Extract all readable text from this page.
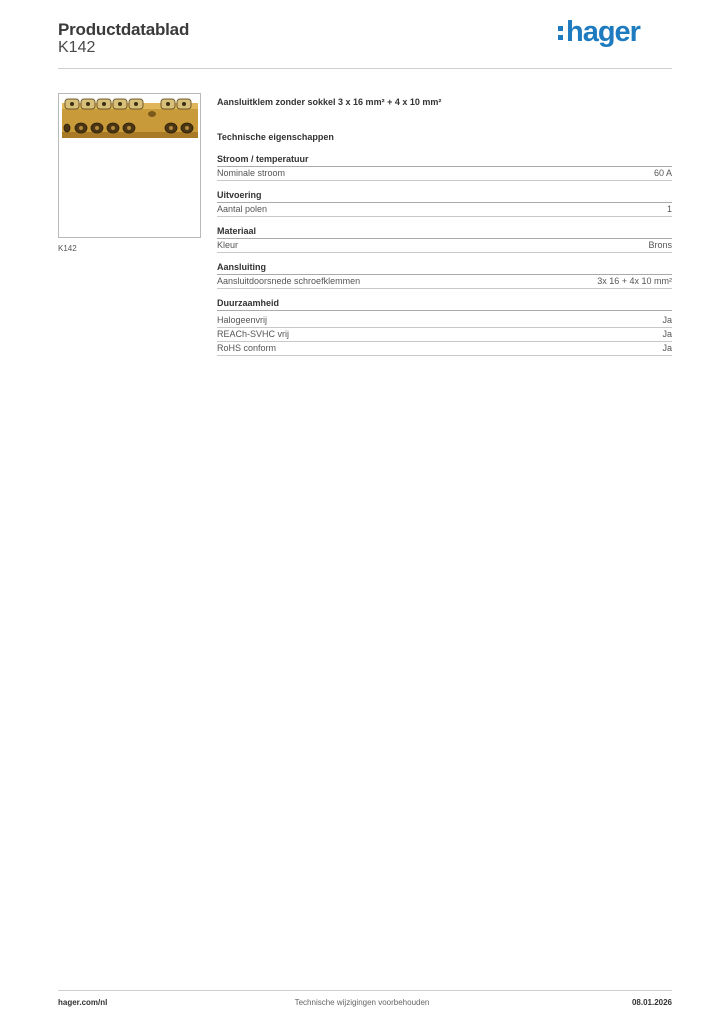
Productdatablad
K142	hager
K142
Aansluitklem zonder sokkel 3 x 16 mm² + 4 x 10 mm²
Technische eigenschappen
Stroom / temperatuur
Nominale stroom	60 A
Uitvoering
Aantal polen	1
Materiaal
Kleur	Brons
Aansluiting
Aansluitdoorsnede schroefklemmen	3x 16 + 4x 10 mm²
Duurzaamheid
Halogeenvrij	Ja
REACh-SVHC vrij	Ja
RoHS conform	Ja
Technische wijzigingen voorbehouden
hager.com/nl	08.01.2026
